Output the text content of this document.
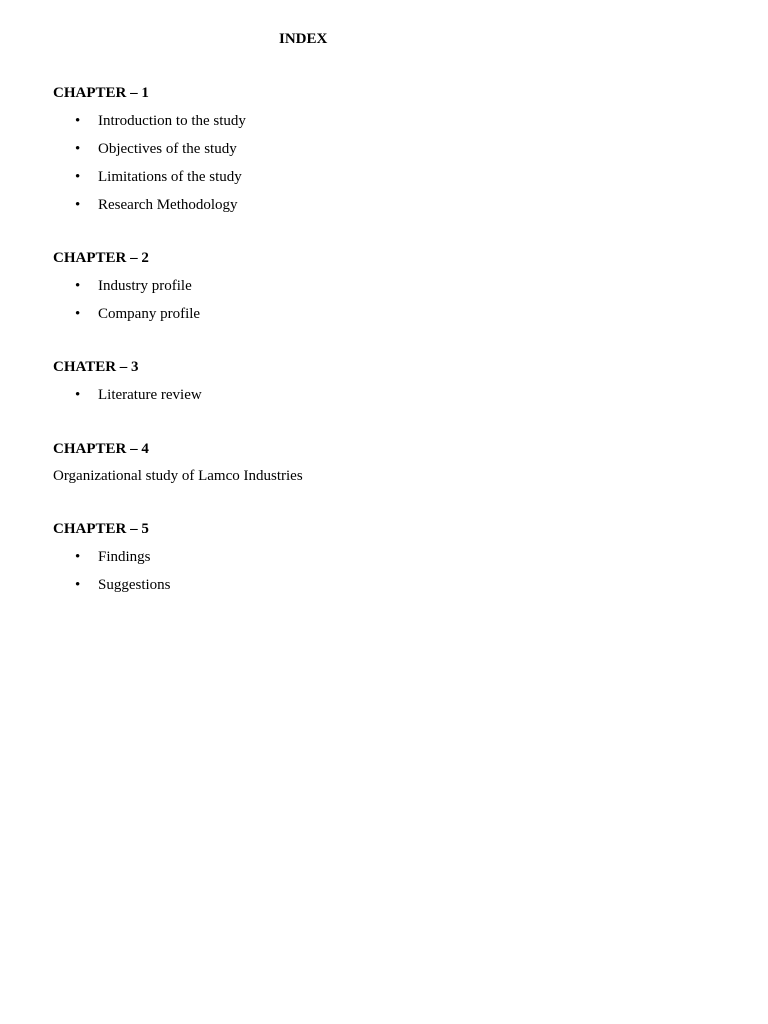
INDEX
CHAPTER – 1
• Introduction to the study
• Objectives of the study
• Limitations of the study
• Research Methodology
CHAPTER – 2
• Industry profile
• Company profile
CHATER – 3
• Literature review
CHAPTER – 4

Organizational study of Lamco Industries

CHAPTER – 5
• Findings
• Suggestions
